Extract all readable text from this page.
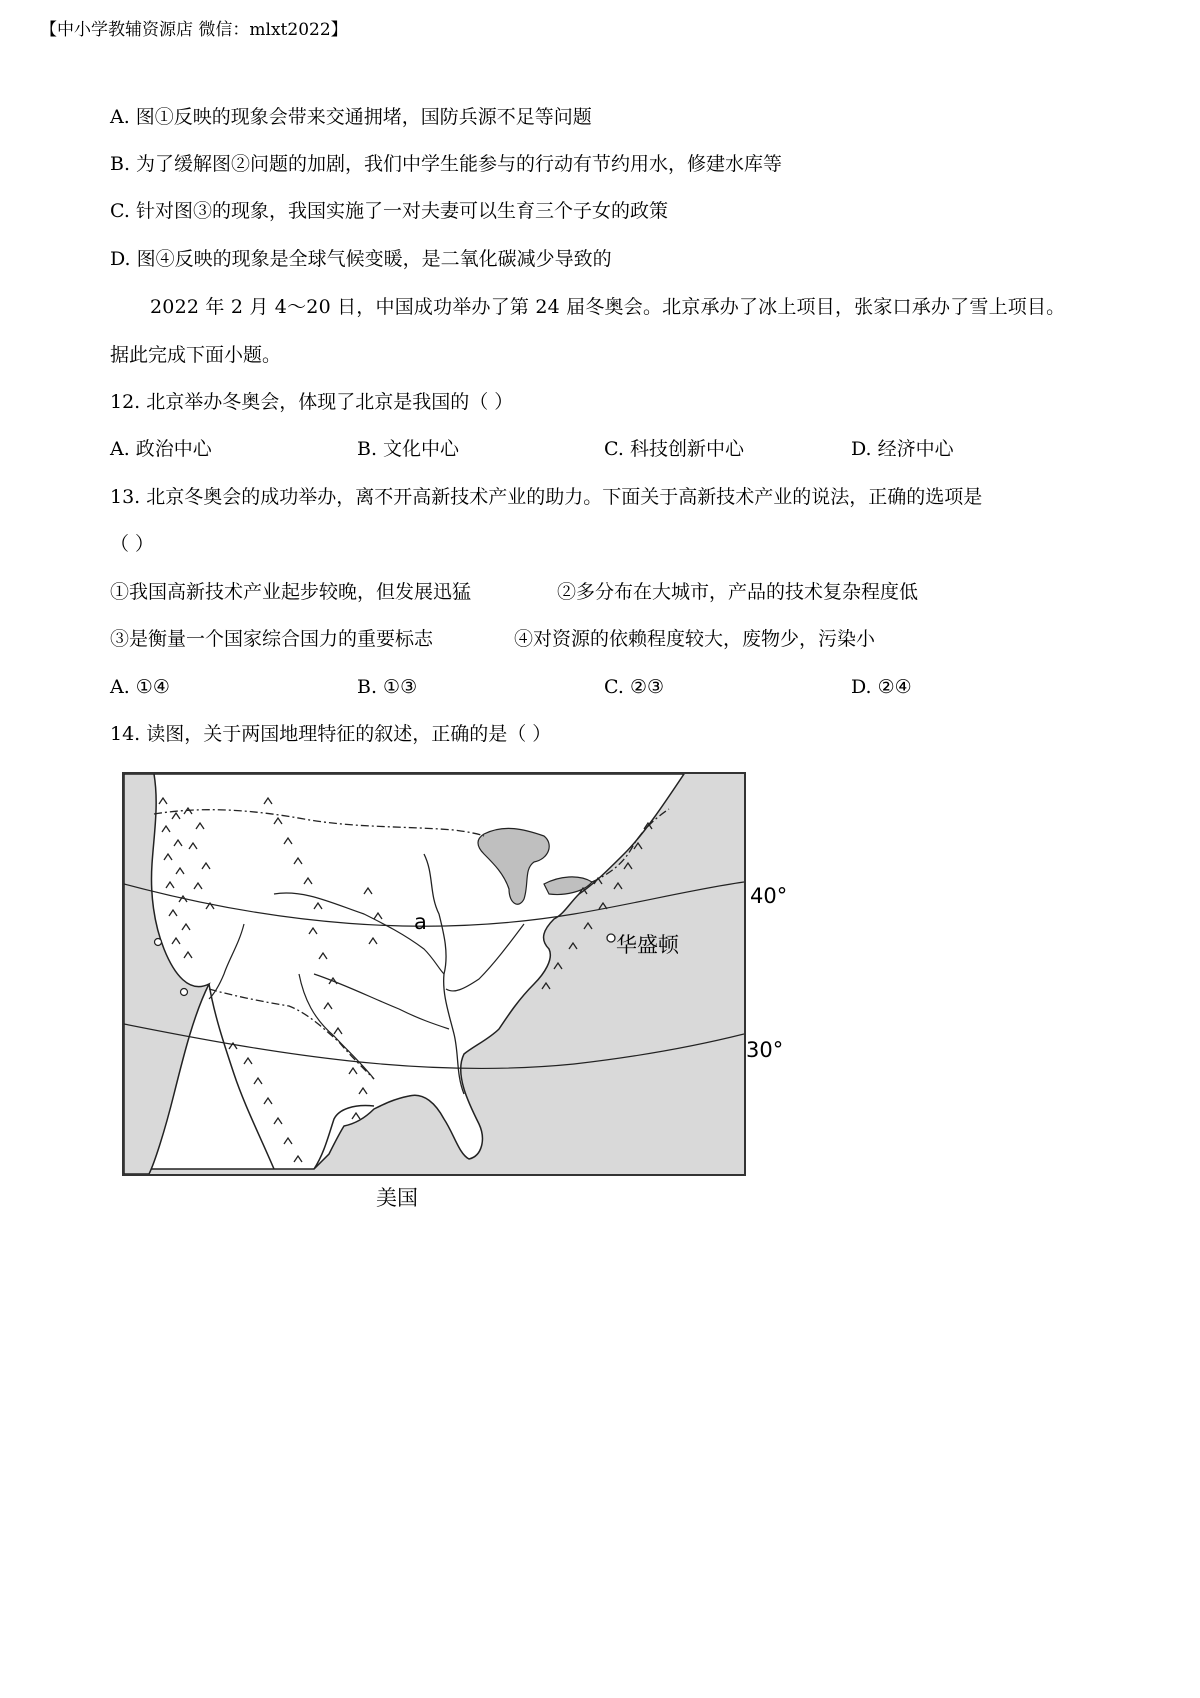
【中小学教辅资源店 微信：mlxt2022】
A. 图①反映的现象会带来交通拥堵，国防兵源不足等问题
B. 为了缓解图②问题的加剧，我们中学生能参与的行动有节约用水，修建水库等
C. 针对图③的现象，我国实施了一对夫妻可以生育三个子女的政策
D. 图④反映的现象是全球气候变暖，是二氧化碳减少导致的
2022 年 2 月 4～20 日，中国成功举办了第 24 届冬奥会。北京承办了冰上项目，张家口承办了雪上项目。
据此完成下面小题。
12. 北京举办冬奥会，体现了北京是我国的（ ）
A. 政治中心	B. 文化中心	C. 科技创新中心	D. 经济中心
13. 北京冬奥会的成功举办，离不开高新技术产业的助力。下面关于高新技术产业的说法，正确的选项是
（ ）
①我国高新技术产业起步较晚，但发展迅猛	②多分布在大城市，产品的技术复杂程度低
③是衡量一个国家综合国力的重要标志	④对资源的依赖程度较大，废物少，污染小
A. ①④	B. ①③	C. ②③	D. ②④
14. 读图，关于两国地理特征的叙述，正确的是（ ）
a
华盛顿
40°
30°
美国
